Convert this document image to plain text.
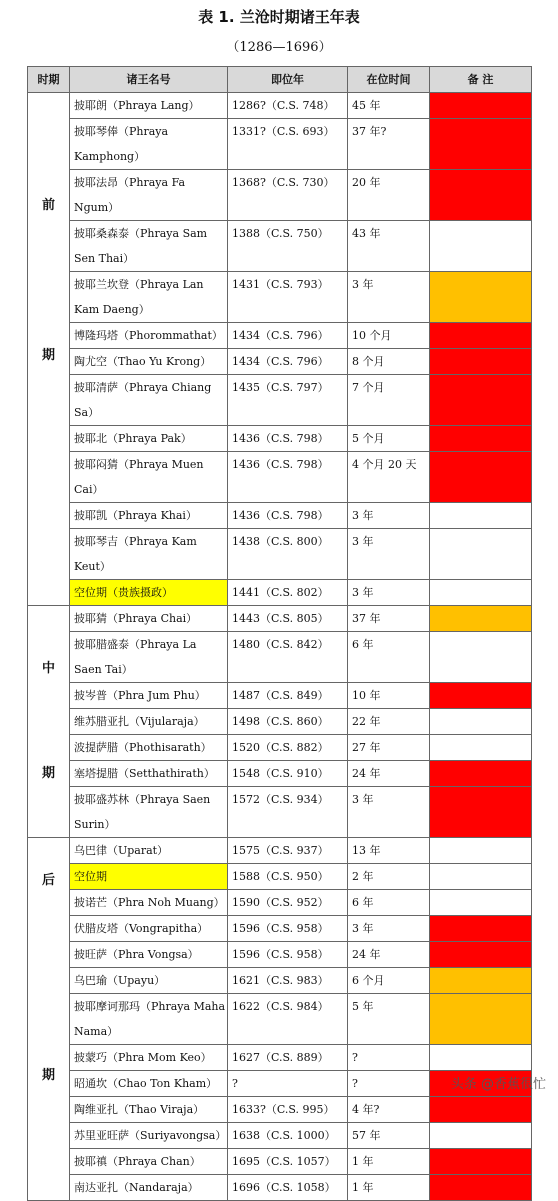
表 1. 兰沧时期诸王年表
（1286—1696）
时期	诸王名号	即位年	在位时间	备 注

前
期	披耶朗（Phraya Lang）	1286?（C.S. 748）	45 年	
	披耶琴俸（Phraya Kamphong）	1331?（C.S. 693）	37 年?	
	披耶法昂（Phraya Fa Ngum）	1368?（C.S. 730）	20 年	
	披耶桑森泰（Phraya Sam Sen Thai）	1388（C.S. 750）	43 年	
	披耶兰坎登（Phraya Lan Kam Daeng）	1431（C.S. 793）	3 年	
	博隆玛塔（Phorommathat）	1434（C.S. 796）	10 个月	
	陶尤空（Thao Yu Krong）	1434（C.S. 796）	8 个月	
	披耶清萨（Phraya Chiang Sa）	1435（C.S. 797）	7 个月	
	披耶北（Phraya Pak）	1436（C.S. 798）	5 个月	
	披耶闷猜（Phraya Muen Cai）	1436（C.S. 798）	4 个月 20 天	
	披耶凯（Phraya Khai）	1436（C.S. 798）	3 年	
	披耶琴吉（Phraya Kam Keut）	1438（C.S. 800）	3 年	
	空位期（贵族摄政）	1441（C.S. 802）	3 年	

中
期	披耶猜（Phraya Chai）	1443（C.S. 805）	37 年	
	披耶腊盛泰（Phraya La Saen Tai）	1480（C.S. 842）	6 年	
	披岑普（Phra Jum Phu）	1487（C.S. 849）	10 年	
	维苏腊亚扎（Vijularaja）	1498（C.S. 860）	22 年	
	波提萨腊（Phothisarath）	1520（C.S. 882）	27 年	
	塞塔提腊（Setthathirath）	1548（C.S. 910）	24 年	
	披耶盛苏林（Phraya Saen Surin）	1572（C.S. 934）	3 年	

后
期	乌巴律（Uparat）	1575（C.S. 937）	13 年	
	空位期	1588（C.S. 950）	2 年	
	披诺芒（Phra Noh Muang）	1590（C.S. 952）	6 年	
	伏腊皮塔（Vongrapitha）	1596（C.S. 958）	3 年	
	披旺萨（Phra Vongsa）	1596（C.S. 958）	24 年	
	乌巴瑜（Upayu）	1621（C.S. 983）	6 个月	
	披耶摩诃那玛（Phraya Maha Nama）	1622（C.S. 984）	5 年	
	披蒙巧（Phra Mom Keo）	1627（C.S. 889）	?	
	昭通坎（Chao Ton Kham）	?	?	
	陶维亚扎（Thao Viraja）	1633?（C.S. 995）	4 年?	
	苏里亚旺萨（Suriyavongsa）	1638（C.S. 1000）	57 年	
	披耶禛（Phraya Chan）	1695（C.S. 1057）	1 年	
	南达亚扎（Nandaraja）	1696（C.S. 1058）	1 年	
头条 @香蕉很忙
